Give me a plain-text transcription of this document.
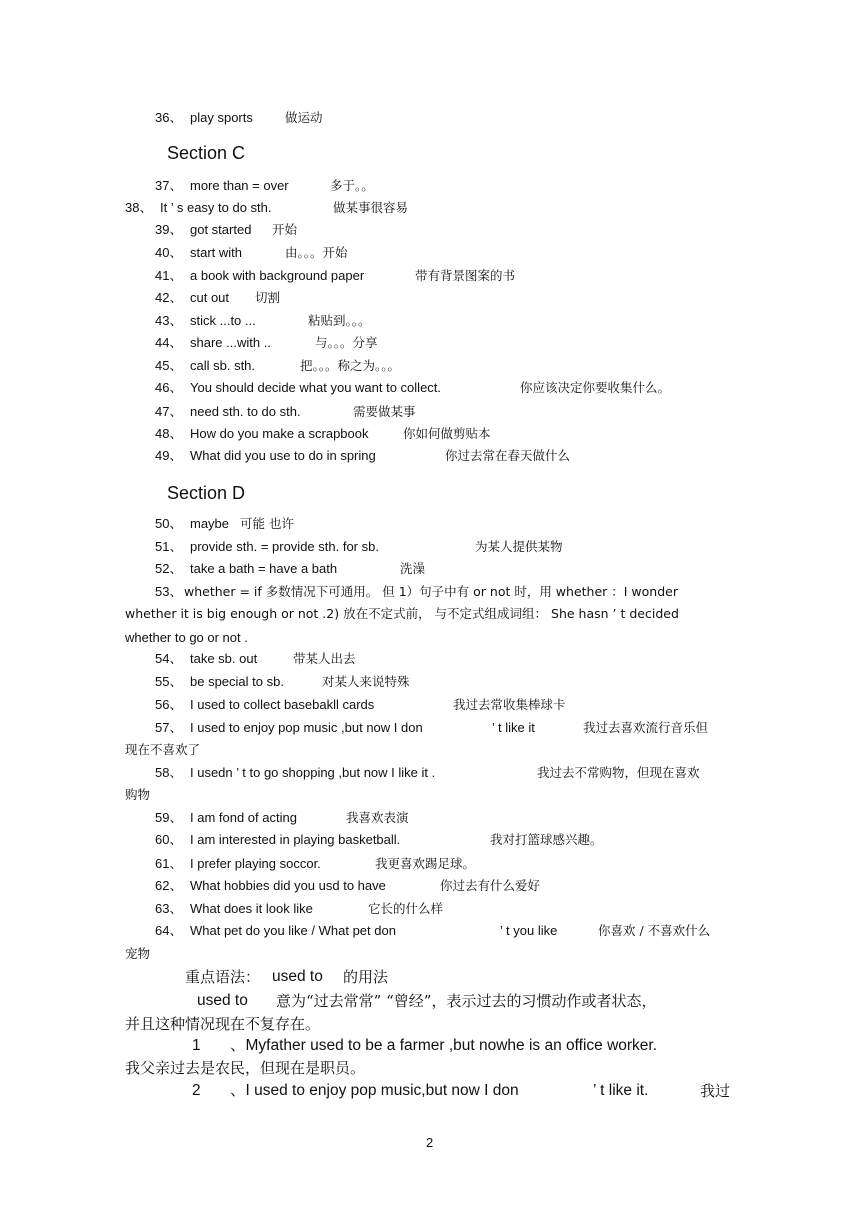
36、 play sports	做运动
Section C
37、 more than = over	多于。。
38、 It ’ s easy to do sth.	做某事很容易
39、 got started 开始
40、 start with	由。。。开始
41、 a book with background paper	带有背景图案的书
42、 cut out 切割
43、 stick ...to ...	粘贴到。。。
44、 share ...with ..	与。。。分享
45、 call sb. sth.	把。。。称之为。。。
46、 You should decide what you want to collect.	你应该决定你要收集什么。
47、 need sth. to do sth.	需要做某事
48、 How do you make a scrapbook	你如何做剪贴本
49、 What did you use to do in spring	你过去常在春天做什么
Section D
50、 maybe 可能 也许
51、 provide sth. = provide sth. for sb.	为某人提供某物
52、 take a bath = have a bath	洗澡
53、 whether = if 多数情况下可通用。 但 1）句子中有 or not 时，用 whether ：I wonder
whether it is big enough or not .2) 放在不定式前， 与不定式组成词组： She hasn ’ t decided
whether to go or not .
54、 take sb. out	带某人出去
55、 be special to sb.	对某人来说特殊
56、 I used to collect basebakll cards	我过去常收集棒球卡
57、 I used to enjoy pop music ,but now I don	’ t like it	我过去喜欢流行音乐但
现在不喜欢了
58、 I usedn ’ t to go shopping ,but now I like it .	我过去不常购物，但现在喜欢
购物
59、 I am fond of acting	我喜欢表演
60、 I am interested in playing basketball.	我对打篮球感兴趣。
61、 I prefer playing soccor.	我更喜欢踢足球。
62、 What hobbies did you usd to have	你过去有什么爱好
63、 What does it look like	它长的什么样
64、 What pet do you like / What pet don	’ t you like	你喜欢 / 不喜欢什么
宠物
重点语法： used to 的用法
used to 意为“过去常常” “曾经”，表示过去的习惯动作或者状态，
并且这种情况现在不复存在。
1 、Myfather used to be a farmer ,but nowhe is an office worker.
我父亲过去是农民，但现在是职员。
2 、I used to enjoy pop music,but now I don	’ t like it.	我过
2
